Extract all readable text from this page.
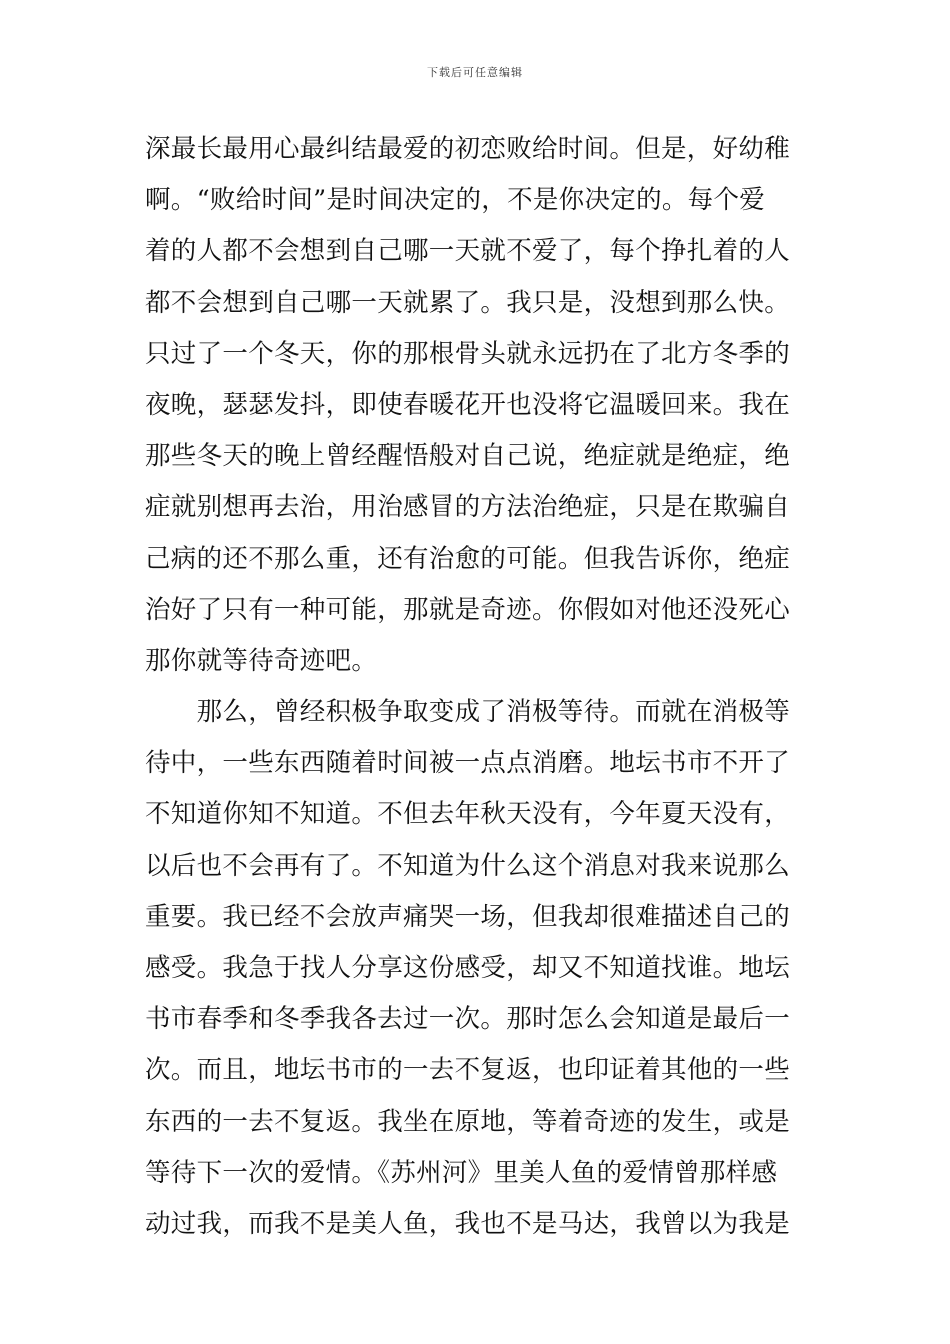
下载后可任意编辑
深最长最用心最纠结最爱的初恋败给时间。但是，好幼稚
啊。“败给时间”是时间决定的，不是你决定的。每个爱
着的人都不会想到自己哪一天就不爱了，每个挣扎着的人
都不会想到自己哪一天就累了。我只是，没想到那么快。
只过了一个冬天，你的那根骨头就永远扔在了北方冬季的
夜晚，瑟瑟发抖，即使春暖花开也没将它温暖回来。我在
那些冬天的晚上曾经醒悟般对自己说，绝症就是绝症，绝
症就别想再去治，用治感冒的方法治绝症，只是在欺骗自
己病的还不那么重，还有治愈的可能。但我告诉你，绝症
治好了只有一种可能，那就是奇迹。你假如对他还没死心
那你就等待奇迹吧。
　　那么，曾经积极争取变成了消极等待。而就在消极等
待中，一些东西随着时间被一点点消磨。地坛书市不开了
不知道你知不知道。不但去年秋天没有，今年夏天没有，
以后也不会再有了。不知道为什么这个消息对我来说那么
重要。我已经不会放声痛哭一场，但我却很难描述自己的
感受。我急于找人分享这份感受，却又不知道找谁。地坛
书市春季和冬季我各去过一次。那时怎么会知道是最后一
次。而且，地坛书市的一去不复返，也印证着其他的一些
东西的一去不复返。我坐在原地，等着奇迹的发生，或是
等待下一次的爱情。《苏州河》里美人鱼的爱情曾那样感
动过我，而我不是美人鱼，我也不是马达，我曾以为我是
